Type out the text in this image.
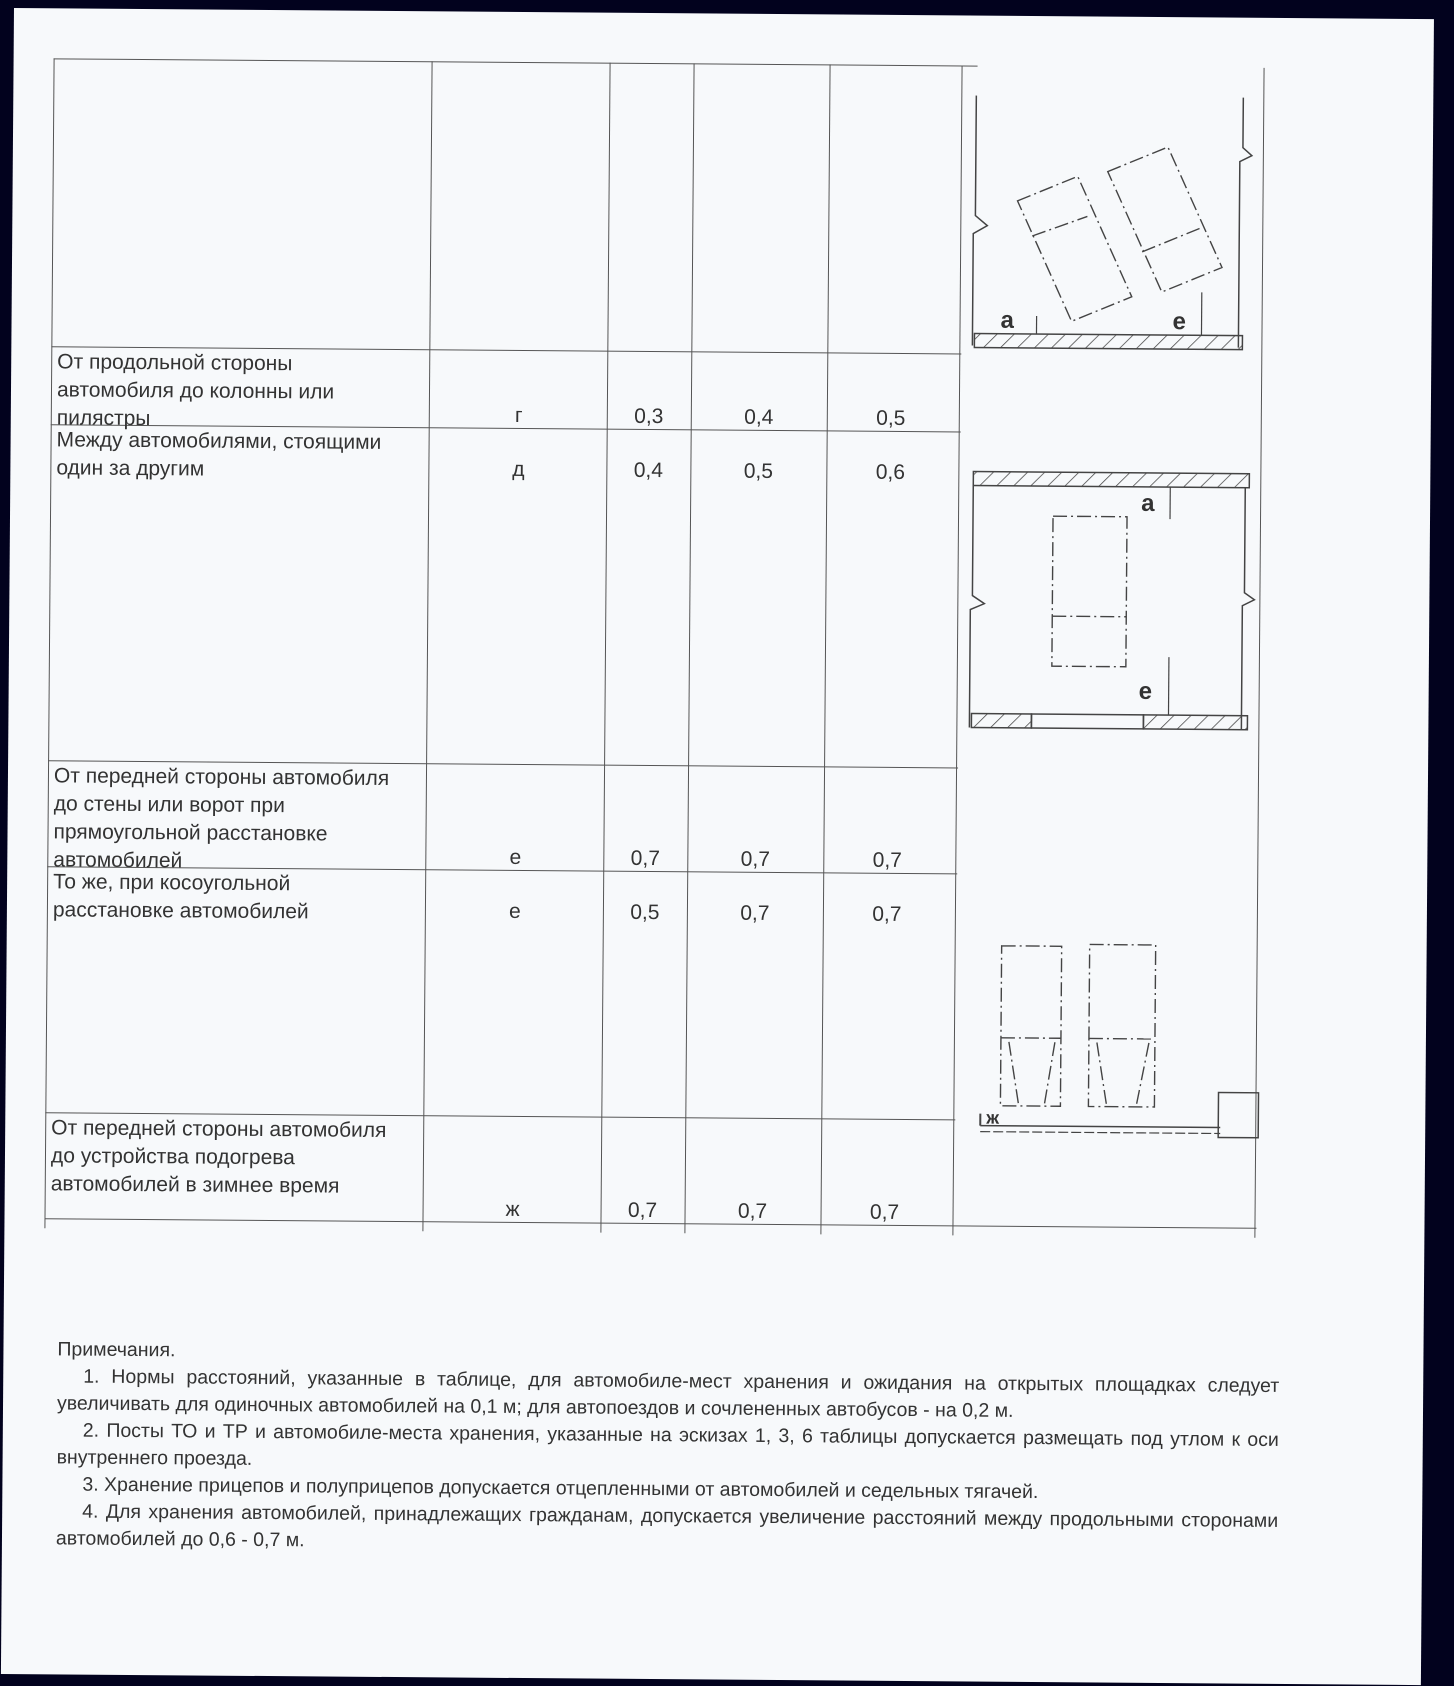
От продольной стороны
автомобиля до колонны или
пилястры	г	0,3	0,4	0,5
Между автомобилями, стоящими
один за другим	д	0,4	0,5	0,6
От передней стороны автомобиля
до стены или ворот при
прямоугольной расстановке
автомобилей	е	0,7	0,7	0,7
То же, при косоугольной
расстановке автомобилей	е	0,5	0,7	0,7
От передней стороны автомобиля
до устройства подогрева
автомобилей в зимнее время
ж	0,7	0,7	0,7
а	е
а
е
ж

Примечания.

1. Нормы расстояний, указанные в таблице, для автомобиле-мест хранения и ожидания на открытых площадках следует увеличивать для одиночных автомобилей на 0,1 м; для автопоездов и сочлененных автобусов - на 0,2 м.

2. Посты ТО и ТР и автомобиле-места хранения, указанные на эскизах 1, 3, 6 таблицы допускается размещать под утлом к оси внутреннего проезда.

3. Хранение прицепов и полуприцепов допускается отцепленными от автомобилей и седельных тягачей.

4. Для хранения автомобилей, принадлежащих гражданам, допускается увеличение расстояний между продольными сторонами автомобилей до 0,6 - 0,7 м.
